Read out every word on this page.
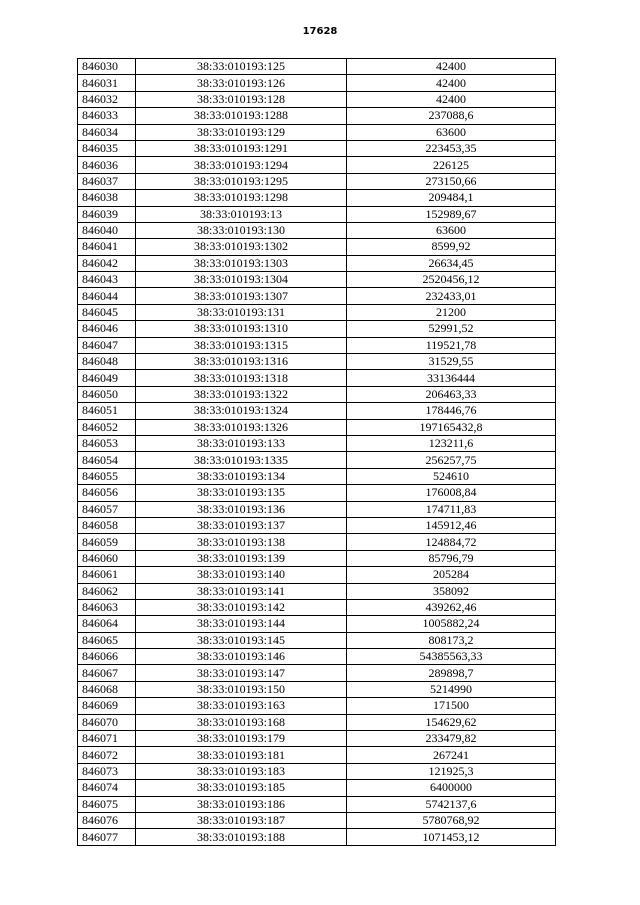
17628
846030	38:33:010193:125	42400
846031	38:33:010193:126	42400
846032	38:33:010193:128	42400
846033	38:33:010193:1288	237088,6
846034	38:33:010193:129	63600
846035	38:33:010193:1291	223453,35
846036	38:33:010193:1294	226125
846037	38:33:010193:1295	273150,66
846038	38:33:010193:1298	209484,1
846039	38:33:010193:13	152989,67
846040	38:33:010193:130	63600
846041	38:33:010193:1302	8599,92
846042	38:33:010193:1303	26634,45
846043	38:33:010193:1304	2520456,12
846044	38:33:010193:1307	232433,01
846045	38:33:010193:131	21200
846046	38:33:010193:1310	52991,52
846047	38:33:010193:1315	119521,78
846048	38:33:010193:1316	31529,55
846049	38:33:010193:1318	33136444
846050	38:33:010193:1322	206463,33
846051	38:33:010193:1324	178446,76
846052	38:33:010193:1326	197165432,8
846053	38:33:010193:133	123211,6
846054	38:33:010193:1335	256257,75
846055	38:33:010193:134	524610
846056	38:33:010193:135	176008,84
846057	38:33:010193:136	174711,83
846058	38:33:010193:137	145912,46
846059	38:33:010193:138	124884,72
846060	38:33:010193:139	85796,79
846061	38:33:010193:140	205284
846062	38:33:010193:141	358092
846063	38:33:010193:142	439262,46
846064	38:33:010193:144	1005882,24
846065	38:33:010193:145	808173,2
846066	38:33:010193:146	54385563,33
846067	38:33:010193:147	289898,7
846068	38:33:010193:150	5214990
846069	38:33:010193:163	171500
846070	38:33:010193:168	154629,62
846071	38:33:010193:179	233479,82
846072	38:33:010193:181	267241
846073	38:33:010193:183	121925,3
846074	38:33:010193:185	6400000
846075	38:33:010193:186	5742137,6
846076	38:33:010193:187	5780768,92
846077	38:33:010193:188	1071453,12
